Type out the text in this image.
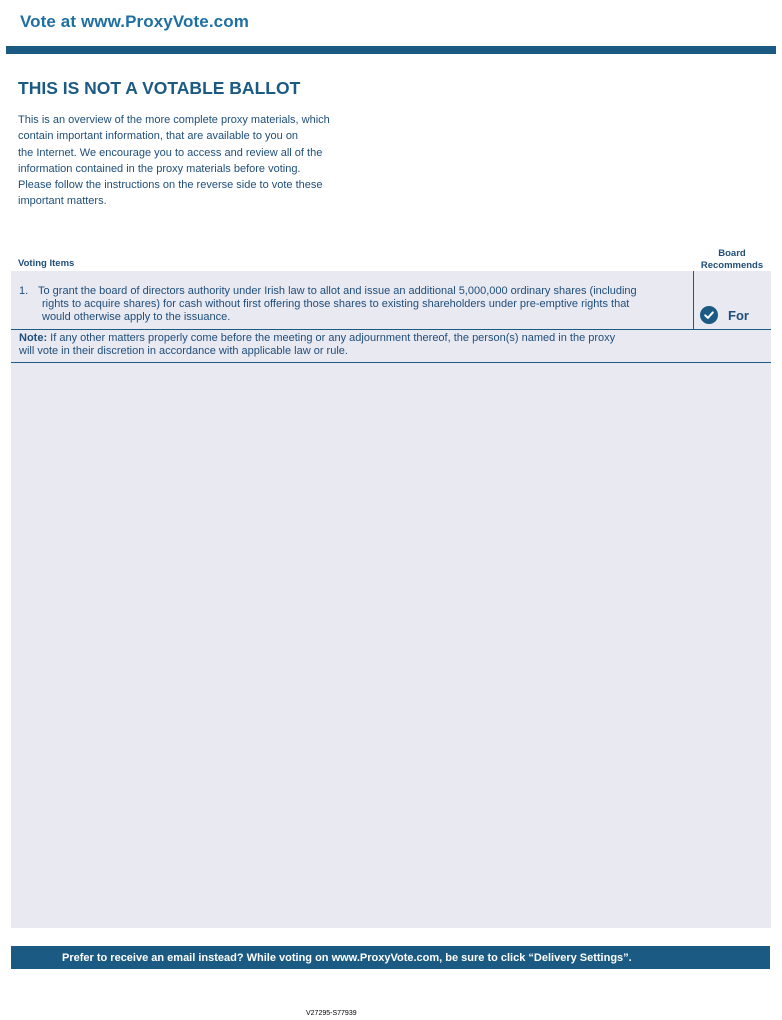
Vote at www.ProxyVote.com
THIS IS NOT A VOTABLE BALLOT
This is an overview of the more complete proxy materials, which
contain important information, that are available to you on
the Internet. We encourage you to access and review all of the
information contained in the proxy materials before voting.
Please follow the instructions on the reverse side to vote these
important matters.
Voting Items
Board Recommends
1. To grant the board of directors authority under Irish law to allot and issue an additional 5,000,000 ordinary shares (including
rights to acquire shares) for cash without first offering those shares to existing shareholders under pre-emptive rights that
would otherwise apply to the issuance.	For
Note: If any other matters properly come before the meeting or any adjournment thereof, the person(s) named in the proxy
will vote in their discretion in accordance with applicable law or rule.
Prefer to receive an email instead? While voting on www.ProxyVote.com, be sure to click “Delivery Settings”.
V27295-S77939
